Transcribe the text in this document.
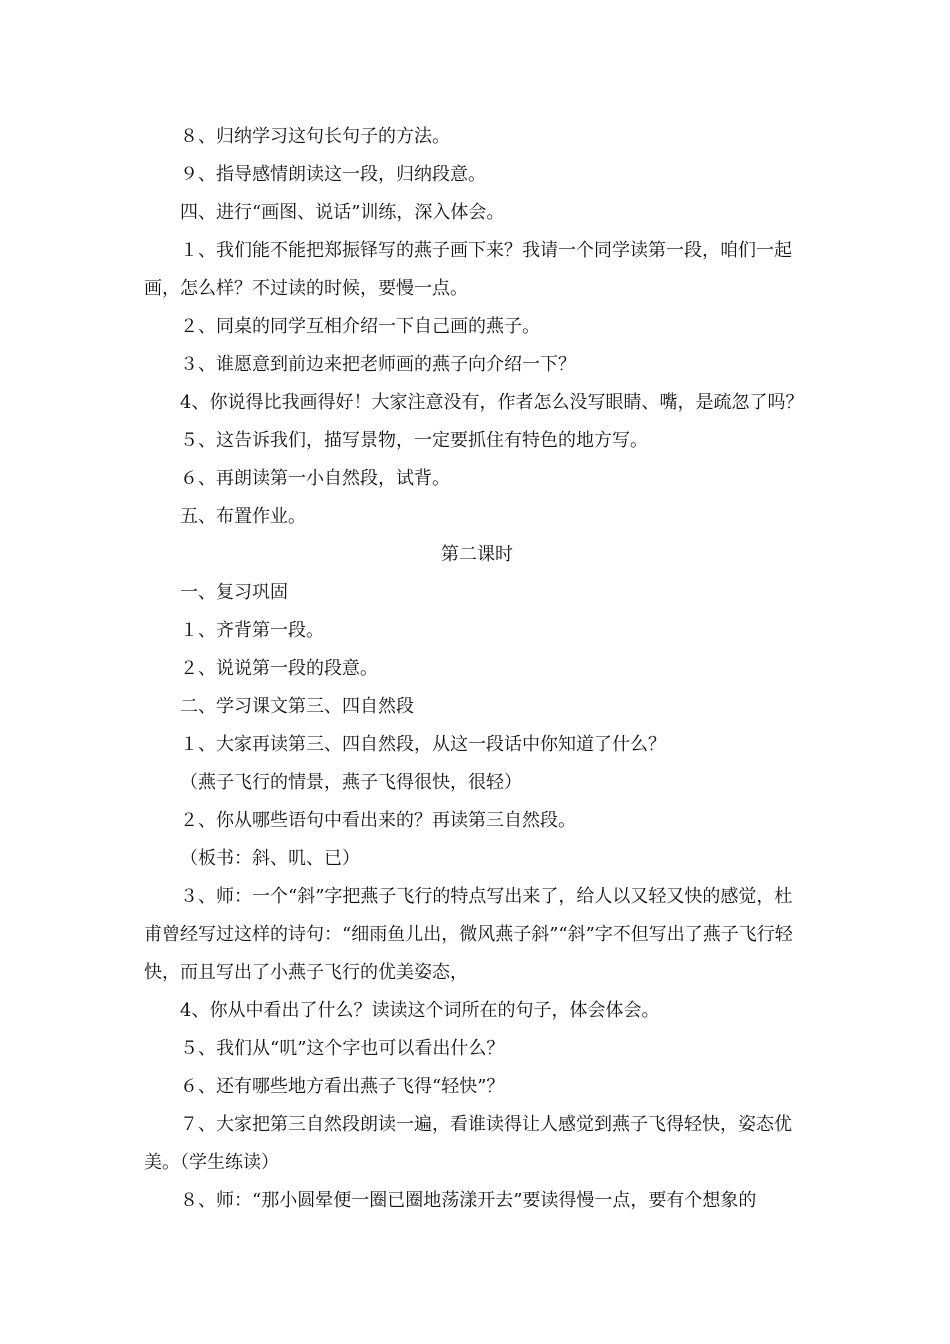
８、归纳学习这句长句子的方法。

９、指导感情朗读这一段，归纳段意。

四、进行“画图、说话”训练，深入体会。

１、我们能不能把郑振铎写的燕子画下来？我请一个同学读第一段，咱们一起画，怎么样？不过读的时候，要慢一点。

２、同桌的同学互相介绍一下自己画的燕子。

３、谁愿意到前边来把老师画的燕子向介绍一下？

4、你说得比我画得好！大家注意没有，作者怎么没写眼睛、嘴，是疏忽了吗？

５、这告诉我们，描写景物，一定要抓住有特色的地方写。

６、再朗读第一小自然段，试背。

五、布置作业。

第二课时

一、复习巩固

１、齐背第一段。

２、说说第一段的段意。

二、学习课文第三、四自然段

１、大家再读第三、四自然段，从这一段话中你知道了什么？

（燕子飞行的情景，燕子飞得很快，很轻）

２、你从哪些语句中看出来的？再读第三自然段。

（板书：斜、叽、已）

３、师：一个“斜”字把燕子飞行的特点写出来了，给人以又轻又快的感觉，杜甫曾经写过这样的诗句：“细雨鱼儿出，微风燕子斜”“斜”字不但写出了燕子飞行轻快，而且写出了小燕子飞行的优美姿态，

4、你从中看出了什么？读读这个词所在的句子，体会体会。

５、我们从“叽”这个字也可以看出什么？

６、还有哪些地方看出燕子飞得“轻快”？

７、大家把第三自然段朗读一遍，看谁读得让人感觉到燕子飞得轻快，姿态优美。（学生练读）

８、师：“那小圆晕便一圈已圈地荡漾开去”要读得慢一点，要有个想象的
